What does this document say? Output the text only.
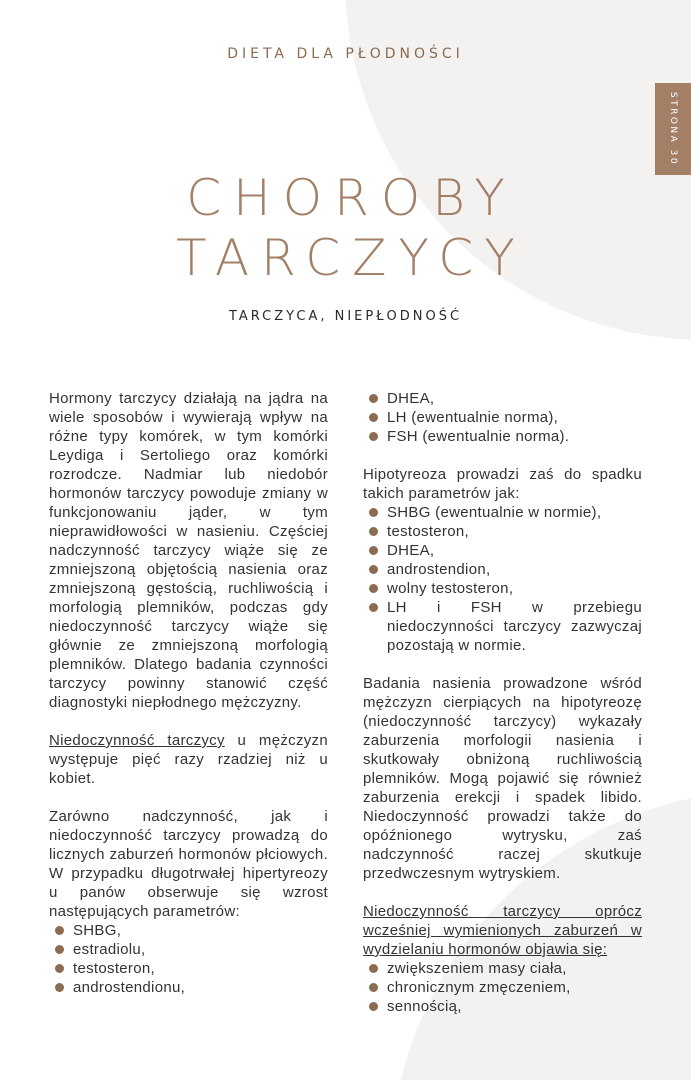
DIETA DLA PŁODNOŚCI
STRONA 30
CHOROBY
TARCZYCY
TARCZYCA, NIEPŁODNOŚĆ

Hormony tarczycy działają na jądra na wiele sposobów i wywierają wpływ na różne typy komórek, w tym komórki Leydiga i Sertoliego oraz komórki rozrodcze. Nadmiar lub niedobór hormonów tarczycy powoduje zmiany w funkcjonowaniu jąder, w tym nieprawidłowości w nasieniu. Częściej nadczynność tarczycy wiąże się ze zmniejszoną objętością nasienia oraz zmniejszoną gęstością, ruchliwością i morfologią plemników, podczas gdy niedoczynność tarczycy wiąże się głównie ze zmniejszoną morfologią plemników. Dlatego badania czynności tarczycy powinny stanowić część diagnostyki niepłodnego mężczyzny.

Niedoczynność tarczycy u mężczyzn występuje pięć razy rzadziej niż u kobiet.

Zarówno nadczynność, jak i niedoczynność tarczycy prowadzą do licznych zaburzeń hormonów płciowych. W przypadku długotrwałej hipertyreozy u panów obserwuje się wzrost następujących parametrów:

SHBG,
estradiolu,
testosteron,
androstendionu,
DHEA,
LH (ewentualnie norma),
FSH (ewentualnie norma).

Hipotyreoza prowadzi zaś do spadku takich parametrów jak:

SHBG (ewentualnie w normie),
testosteron,
DHEA,
androstendion,
wolny testosteron,
LH i FSH w przebiegu niedoczynności tarczycy zazwyczaj pozostają w normie.

Badania nasienia prowadzone wśród mężczyzn cierpiących na hipotyreozę (niedoczynność tarczycy) wykazały zaburzenia morfologii nasienia i skutkowały obniżoną ruchliwością plemników. Mogą pojawić się również zaburzenia erekcji i spadek libido. Niedoczynność prowadzi także do opóźnionego wytrysku, zaś nadczynność raczej skutkuje przedwczesnym wytryskiem.

Niedoczynność tarczycy oprócz wcześniej wymienionych zaburzeń w wydzielaniu hormonów objawia się:

zwiększeniem masy ciała,
chronicznym zmęczeniem,
sennością,
